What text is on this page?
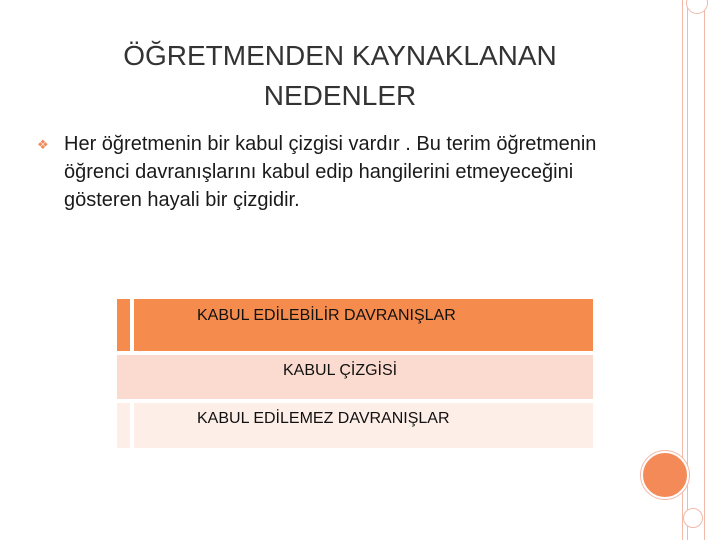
ÖĞRETMENDEN KAYNAKLANAN
NEDENLER
❖ Her öğretmenin bir kabul çizgisi vardır . Bu terim öğretmenin öğrenci davranışlarını kabul edip hangilerini etmeyeceğini gösteren hayali bir çizgidir.
KABUL EDİLEBİLİR DAVRANIŞLAR
KABUL ÇİZGİSİ
KABUL EDİLEMEZ DAVRANIŞLAR
